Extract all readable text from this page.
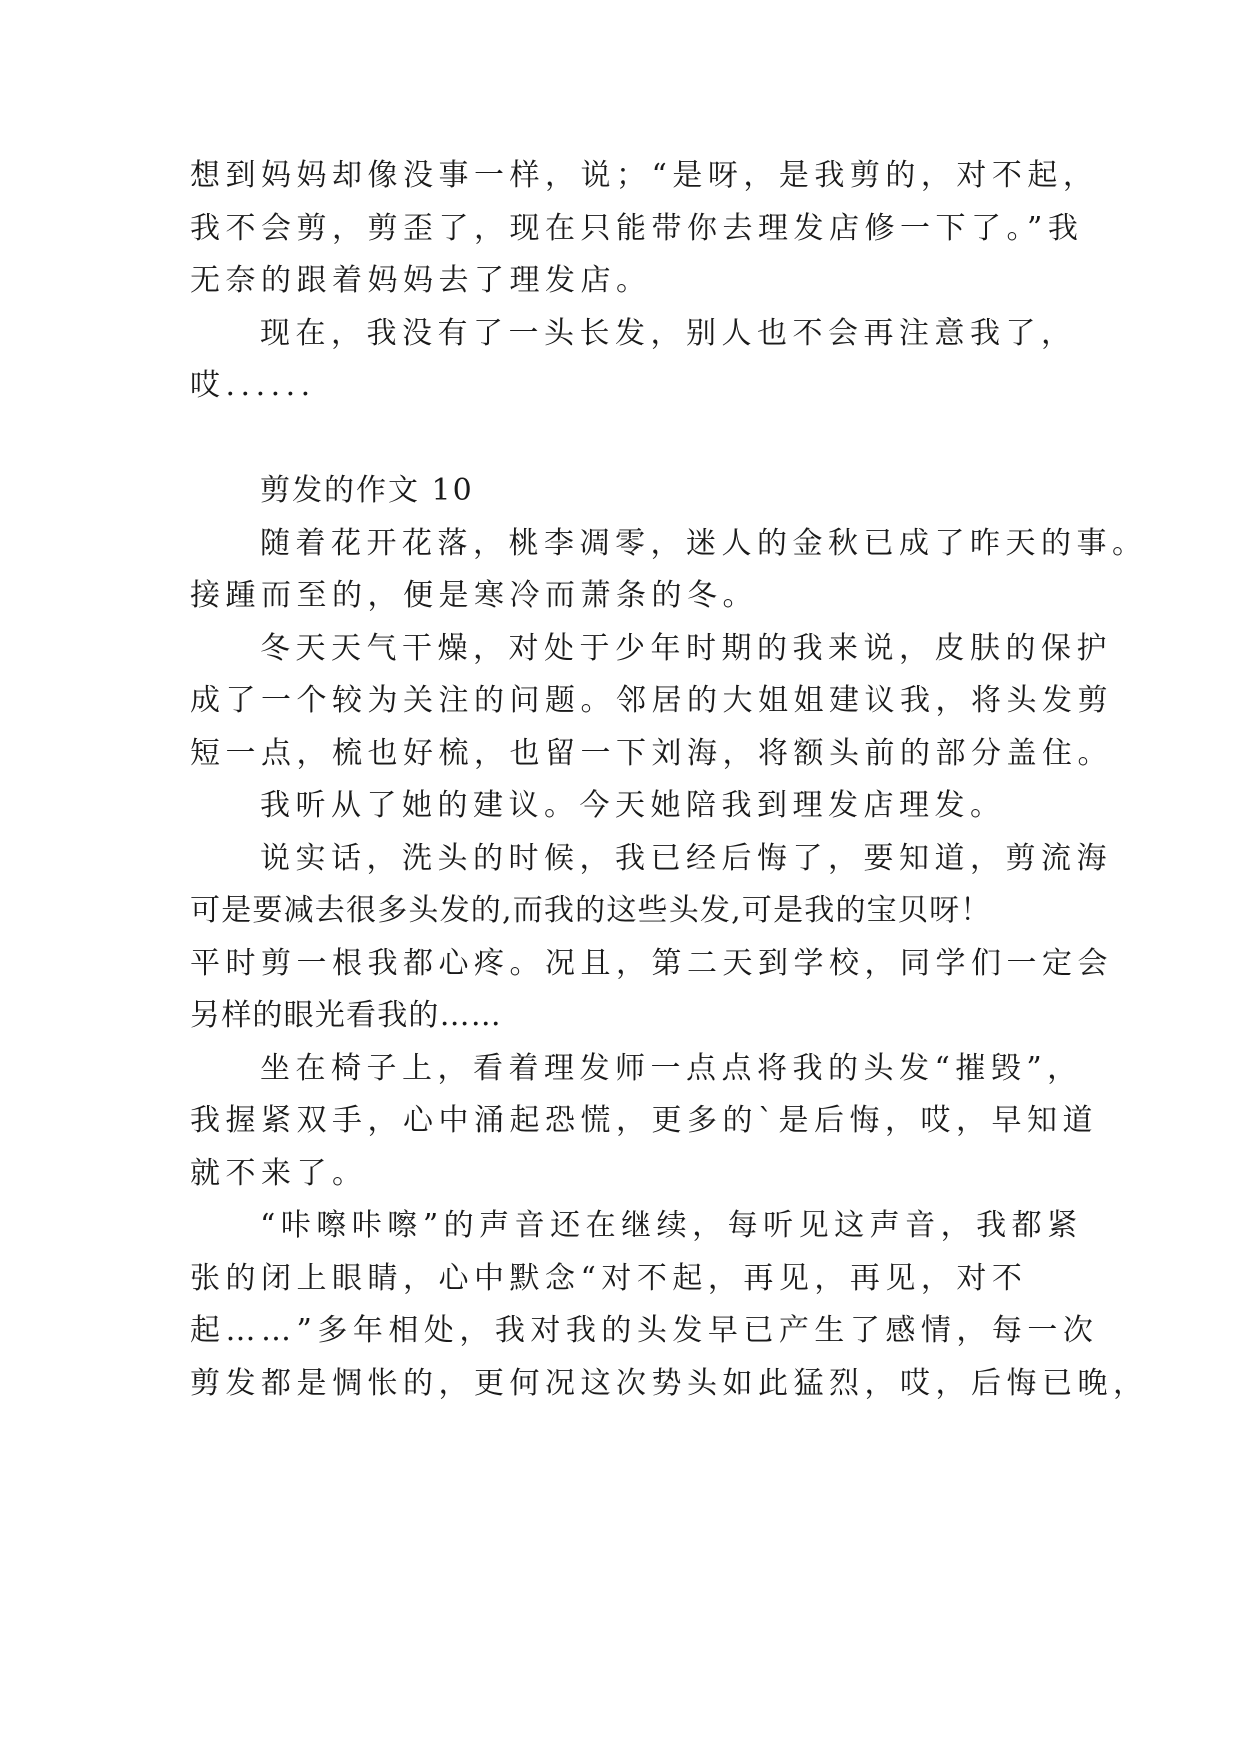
想到妈妈却像没事一样，说；“是呀，是我剪的，对不起，
我不会剪，剪歪了，现在只能带你去理发店修一下了。”我
无奈的跟着妈妈去了理发店。
现在，我没有了一头长发，别人也不会再注意我了，
哎......
剪发的作文 10
随着花开花落，桃李凋零，迷人的金秋已成了昨天的事。
接踵而至的，便是寒冷而萧条的冬。
冬天天气干燥，对处于少年时期的我来说，皮肤的保护
成了一个较为关注的问题。邻居的大姐姐建议我，将头发剪
短一点，梳也好梳，也留一下刘海，将额头前的部分盖住。
我听从了她的建议。今天她陪我到理发店理发。
说实话，洗头的时候，我已经后悔了，要知道，剪流海
可是要减去很多头发的,而我的这些头发,可是我的宝贝呀！
平时剪一根我都心疼。况且，第二天到学校，同学们一定会
另样的眼光看我的……
坐在椅子上，看着理发师一点点将我的头发“摧毁”，
我握紧双手，心中涌起恐慌，更多的`是后悔，哎，早知道
就不来了。
“咔嚓咔嚓”的声音还在继续，每听见这声音，我都紧
张的闭上眼睛，心中默念“对不起，再见，再见，对不
起……”多年相处，我对我的头发早已产生了感情，每一次
剪发都是惆怅的，更何况这次势头如此猛烈，哎，后悔已晚，
